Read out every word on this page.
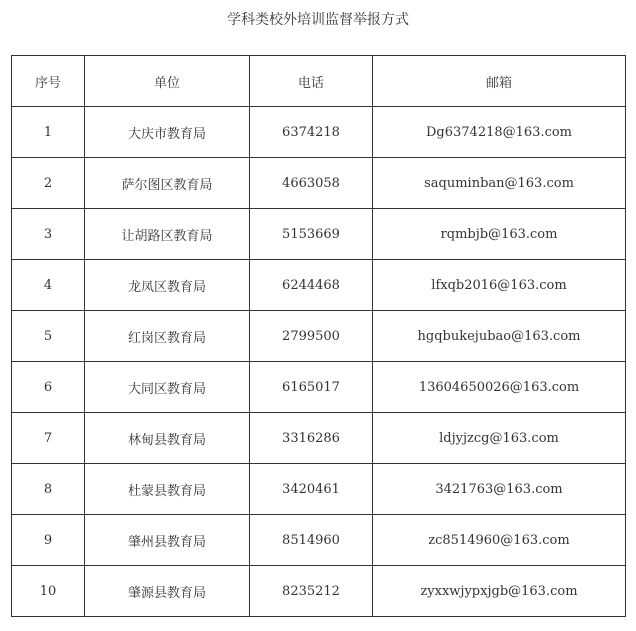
学科类校外培训监督举报方式
序号	单位	电话	邮箱
1	大庆市教育局	6374218	Dg6374218@163.com
2	萨尔图区教育局	4663058	saquminban@163.com
3	让胡路区教育局	5153669	rqmbjb@163.com
4	龙凤区教育局	6244468	lfxqb2016@163.com
5	红岗区教育局	2799500	hgqbukejubao@163.com
6	大同区教育局	6165017	13604650026@163.com
7	林甸县教育局	3316286	ldjyjzcg@163.com
8	杜蒙县教育局	3420461	3421763@163.com
9	肇州县教育局	8514960	zc8514960@163.com
10	肇源县教育局	8235212	zyxxwjypxjgb@163.com
